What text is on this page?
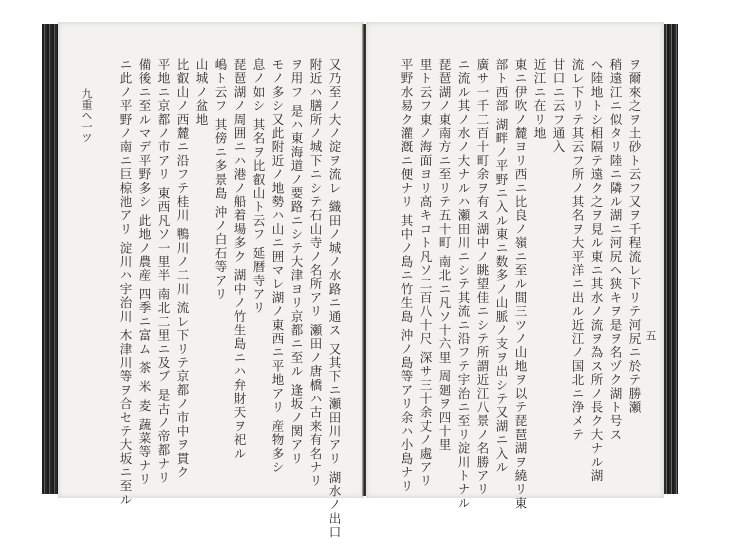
九重ヘ一ツ	又乃至ノ大ノ淀ヲ流レ 織田ノ城ノ水路ニ通ス 又其下ニ瀬田川アリ 湖水ノ出口
附近ハ膳所ノ城下ニシテ石山寺ノ名所アリ 瀬田ノ唐橋ハ古来有名ナリ
ヲ用フ 是ハ東海道ノ要路ニシテ大津ヨリ京都ニ至ル 逢坂ノ関アリ
モノ多シ又此附近ノ地勢ハ山ニ囲マレ湖ノ東西ニ平地アリ 産物多シ
息ノ如シ 其名ヲ比叡山ト云フ 延暦寺アリ
琵琶湖ノ周囲ニハ港ノ船着場多ク 湖中ノ竹生島ニハ弁財天ヲ祀ル
嶋ト云フ 其傍ニ多景島 沖ノ白石等アリ
山城ノ盆地
比叡山ノ西麓ニ沿フテ桂川 鴨川ノ二川 流レ下リテ京都ノ市中ヲ貫ク
平地ニ京都ノ市アリ 東西凡ソ一里半 南北二里ニ及ブ 是古ノ帝都ナリ
備後ニ至ルマデ平野多シ 此地ノ農産 四季ニ富ム 茶 米 麦 蔬菜等ナリ
ニ此ノ平野ノ南ニ巨椋池アリ 淀川ハ宇治川 木津川等ヲ合セテ大坂ニ至ル	五
ヲ爾來之ヲ土砂ト云フ又ヲ千程流レ下リテ河尻ニ於テ勝瀬
稍遠江ニ似タリ陸ニ隣ル湖ニ河尻ヘ狭キヲ是ヲ名ヅク湖ト号ス
ヘ陸地トシ相隔テ遠ク之ヲ見ル東ニ其水ノ流ヲ為ス所ノ長ク大ナル湖
流レ下リテ其云フ所ノ其名ヲ大平洋ニ出ル近江ノ国北ニ浄メテ
甘口ニ云フ通入
近江ニ在リ地
東ニ伊吹ノ麓ヨリ西ニ比良ノ嶺ニ至ル間三ツノ山地ヲ以テ琵琶湖ヲ繞リ東
部ト西部 湖畔ノ平野ニ入ル東ニ数多ノ山脈ノ支ヲ出シテ又湖ニ入ル
廣サ一千二百十町余ヲ有ス湖中ノ眺望佳ニシテ所謂近江八景ノ名勝アリ
ニ流ル其ノ水ノ大ナルハ瀬田川ニシテ其流ニ沿フテ宇治ニ至リ淀川トナル
琵琶湖ノ東南方ニ至リテ五十町 南北ニ凡ソ十六里 周廻ヲ四十里
里ト云フ東ノ海面ヨリ高キコト凡ソ二百八十尺 深サ三十余丈ノ處アリ
平野水易ク灌漑ニ便ナリ 其中ノ島ニ竹生島 沖ノ島等アリ余ハ小島ナリ
